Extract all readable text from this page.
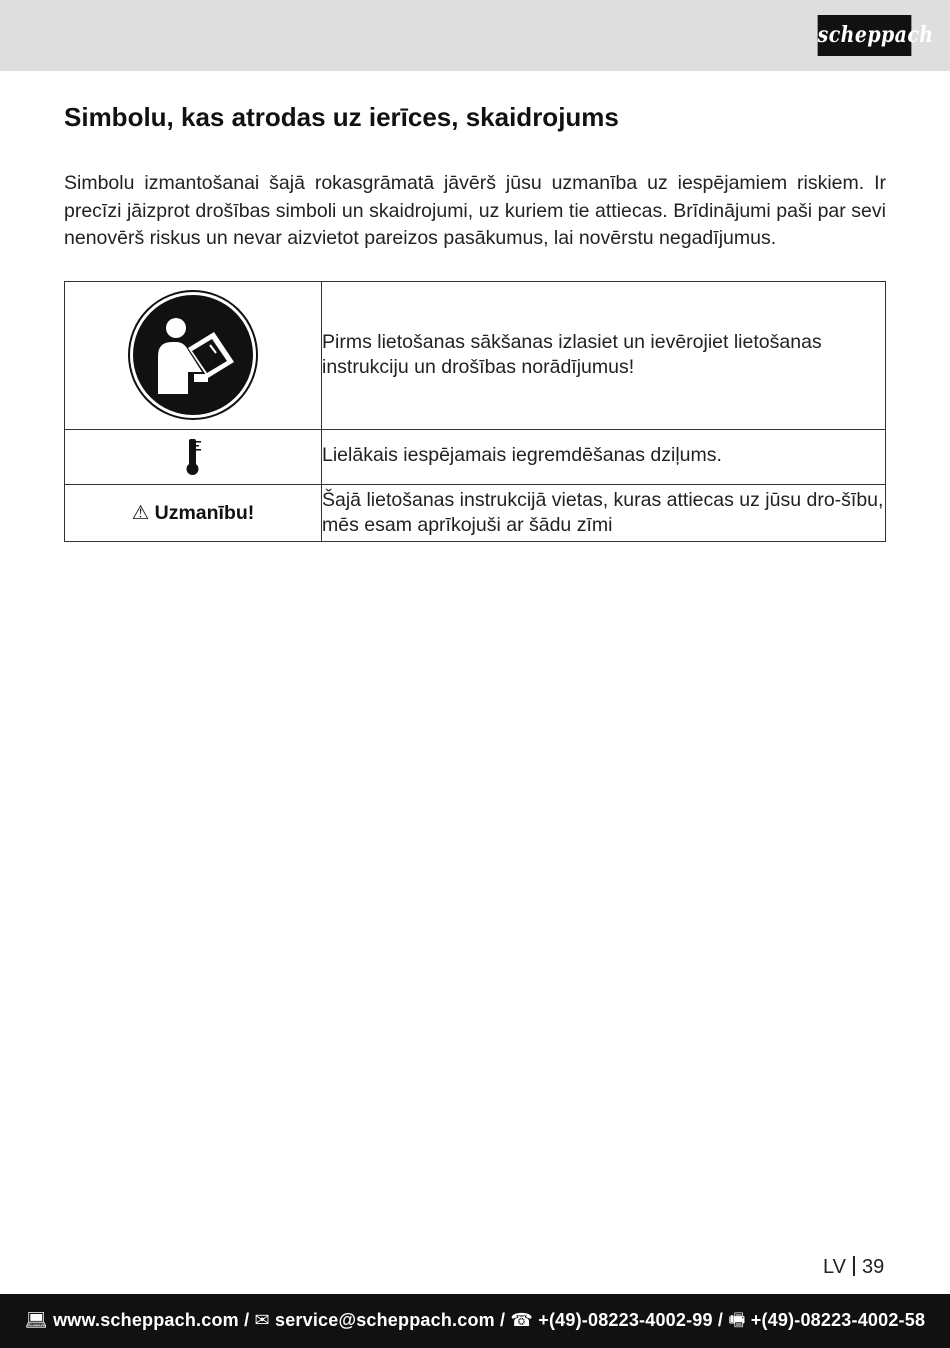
scheppach
Simbolu, kas atrodas uz ierīces, skaidrojums

Simbolu izmantošanai šajā rokasgrāmatā jāvērš jūsu uzmanība uz iespējamiem riskiem. Ir precīzi jāizprot drošības simboli un skaidrojumi, uz kuriem tie attiecas. Brīdinājumi paši par sevi nenovērš riskus un nevar aizvietot pareizos pasākumus, lai novērstu negadījumus.

	Pirms lietošanas sākšanas izlasiet un ievērojiet lietošanas instrukciju un drošības norādījumus!
	Lielākais iespējamais iegremdēšanas dziļums.
⚠ Uzmanību!	Šajā lietošanas instrukcijā vietas, kuras attiecas uz jūsu dro-šību, mēs esam aprīkojuši ar šādu zīmi
LV 39
💻︎ www.scheppach.com / ✉ service@scheppach.com / ☎ +(49)-08223-4002-99 / 🖷︎ +(49)-08223-4002-58
